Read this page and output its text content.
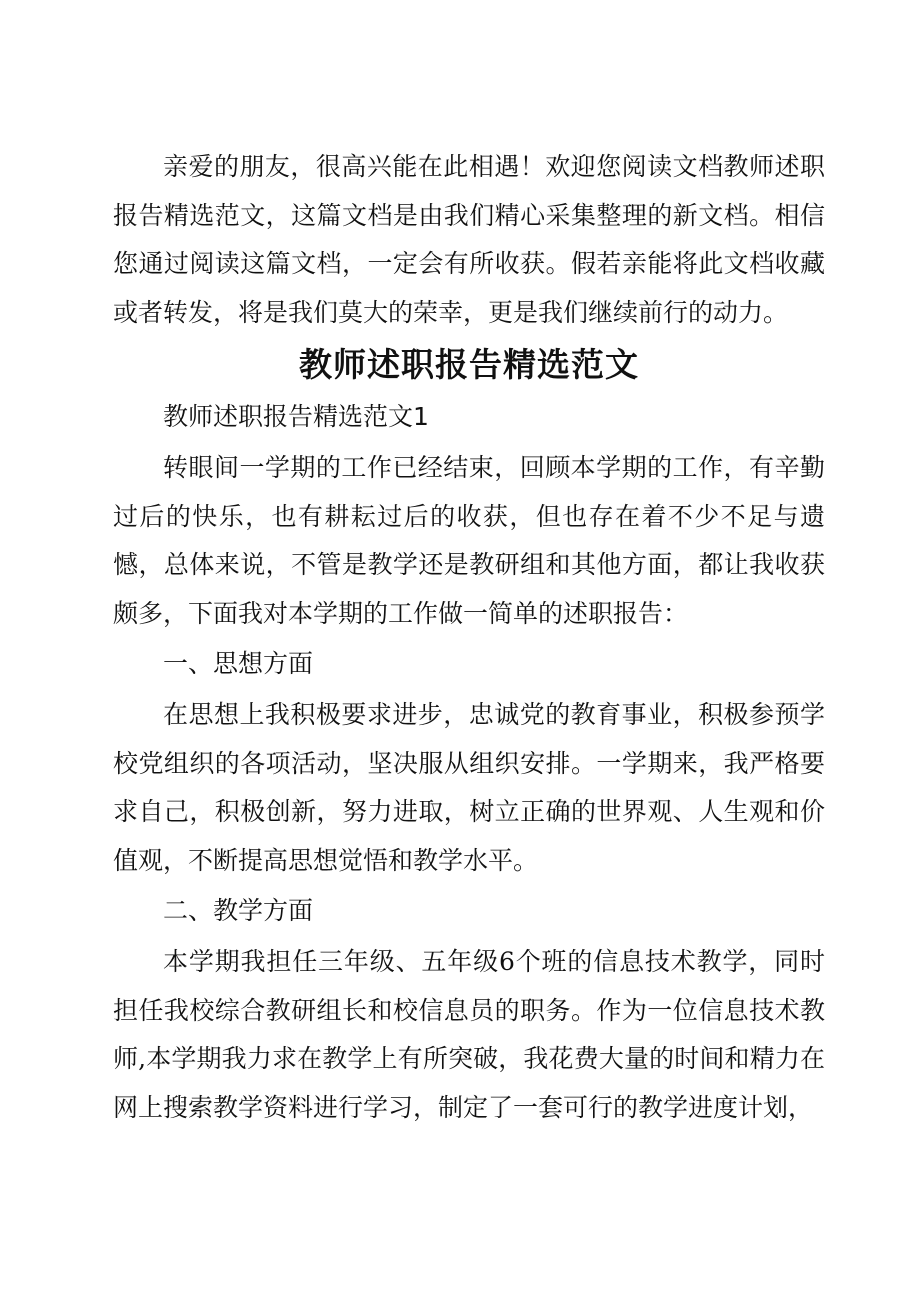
亲爱的朋友，很高兴能在此相遇！欢迎您阅读文档教师述职报告精选范文，这篇文档是由我们精心采集整理的新文档。相信您通过阅读这篇文档，一定会有所收获。假若亲能将此文档收藏或者转发，将是我们莫大的荣幸，更是我们继续前行的动力。

教师述职报告精选范文

教师述职报告精选范文1

转眼间一学期的工作已经结束，回顾本学期的工作，有辛勤过后的快乐，也有耕耘过后的收获，但也存在着不少不足与遗憾，总体来说，不管是教学还是教研组和其他方面，都让我收获颇多，下面我对本学期的工作做一简单的述职报告：

一、思想方面

在思想上我积极要求进步，忠诚党的教育事业，积极参预学校党组织的各项活动，坚决服从组织安排。一学期来，我严格要求自己，积极创新，努力进取，树立正确的世界观、人生观和价值观，不断提高思想觉悟和教学水平。

二、教学方面

本学期我担任三年级、五年级6个班的信息技术教学，同时担任我校综合教研组长和校信息员的职务。作为一位信息技术教师,本学期我力求在教学上有所突破，我花费大量的时间和精力在网上搜索教学资料进行学习，制定了一套可行的教学进度计划，
